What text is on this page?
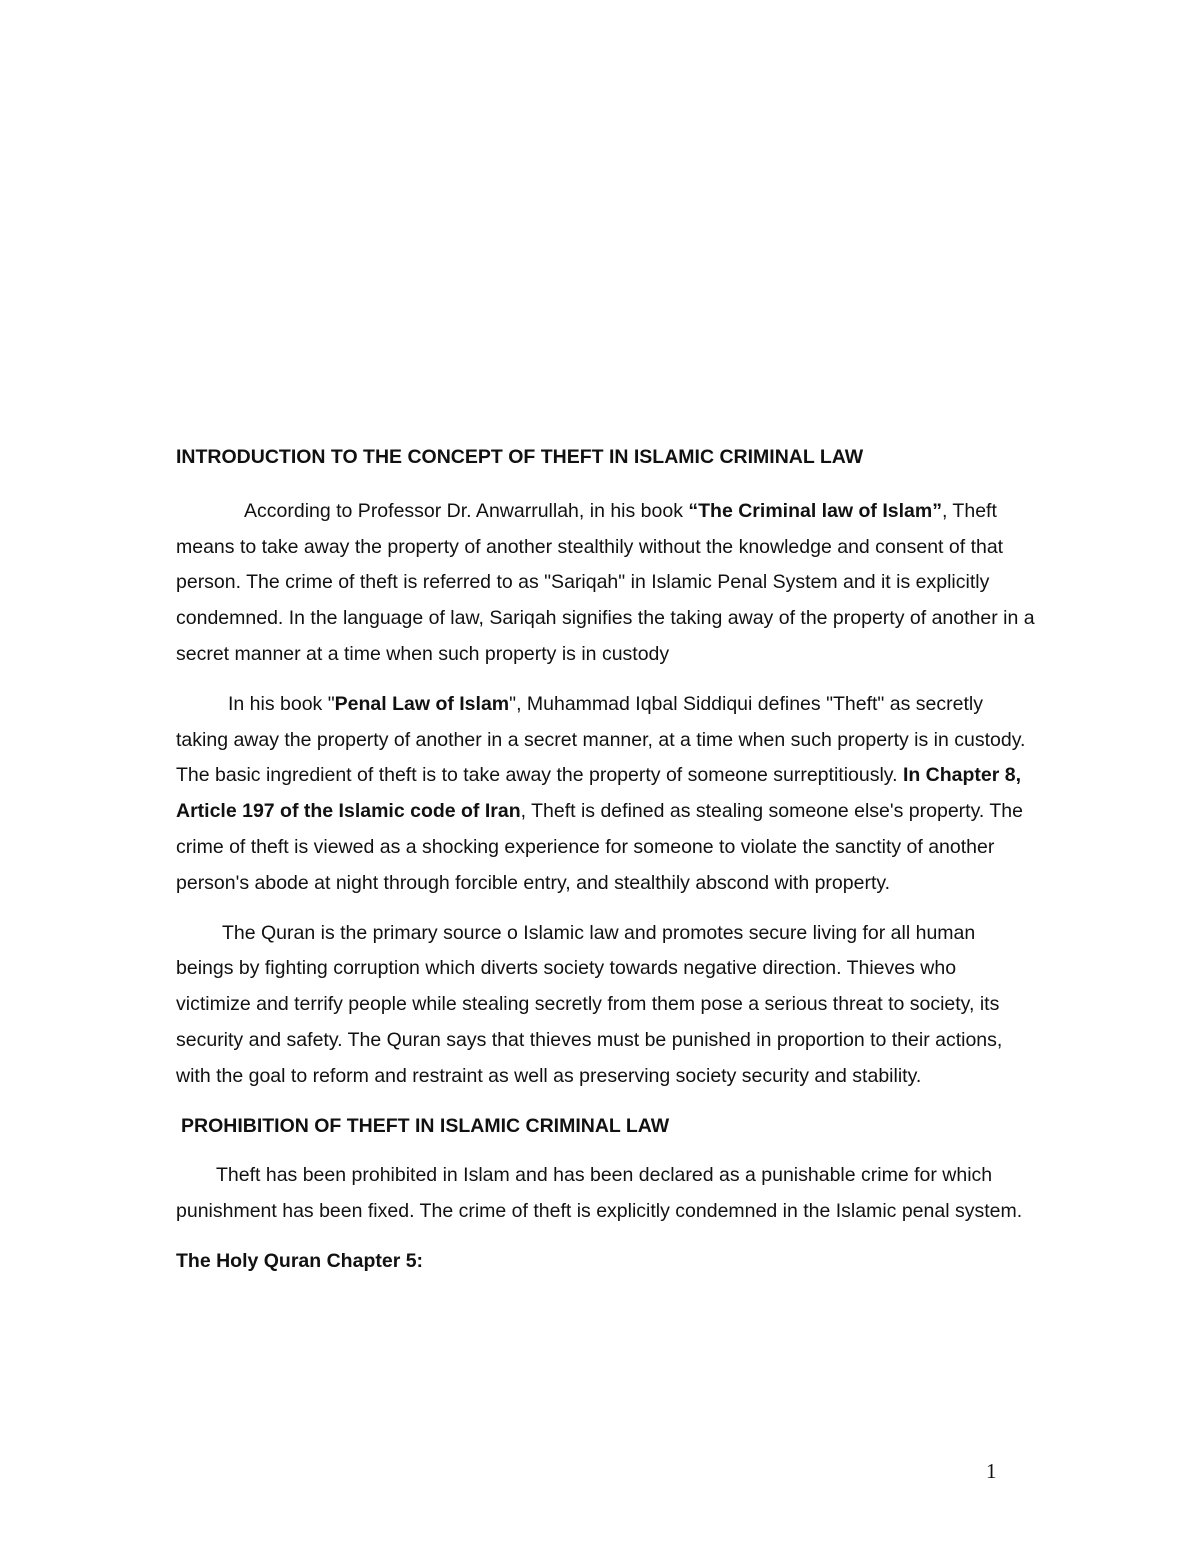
INTRODUCTION TO THE CONCEPT OF THEFT IN ISLAMIC CRIMINAL LAW

According to Professor Dr. Anwarrullah, in his book “The Criminal law of Islam”, Theft means to take away the property of another stealthily without the knowledge and consent of that person. The crime of theft is referred to as "Sariqah" in Islamic Penal System and it is explicitly condemned. In the language of law, Sariqah signifies the taking away of the property of another in a secret manner at a time when such property is in custody

In his book "Penal Law of Islam", Muhammad Iqbal Siddiqui defines "Theft" as secretly taking away the property of another in a secret manner, at a time when such property is in custody. The basic ingredient of theft is to take away the property of someone surreptitiously. In Chapter 8, Article 197 of the Islamic code of Iran, Theft is defined as stealing someone else's property. The crime of theft is viewed as a shocking experience for someone to violate the sanctity of another person's abode at night through forcible entry, and stealthily abscond with property.

The Quran is the primary source o Islamic law and promotes secure living for all human beings by fighting corruption which diverts society towards negative direction. Thieves who victimize and terrify people while stealing secretly from them pose a serious threat to society, its security and safety. The Quran says that thieves must be punished in proportion to their actions, with the goal to reform and restraint as well as preserving society security and stability.

PROHIBITION OF THEFT IN ISLAMIC CRIMINAL LAW

Theft has been prohibited in Islam and has been declared as a punishable crime for which punishment has been fixed. The crime of theft is explicitly condemned in the Islamic penal system.

The Holy Quran Chapter 5:

1
